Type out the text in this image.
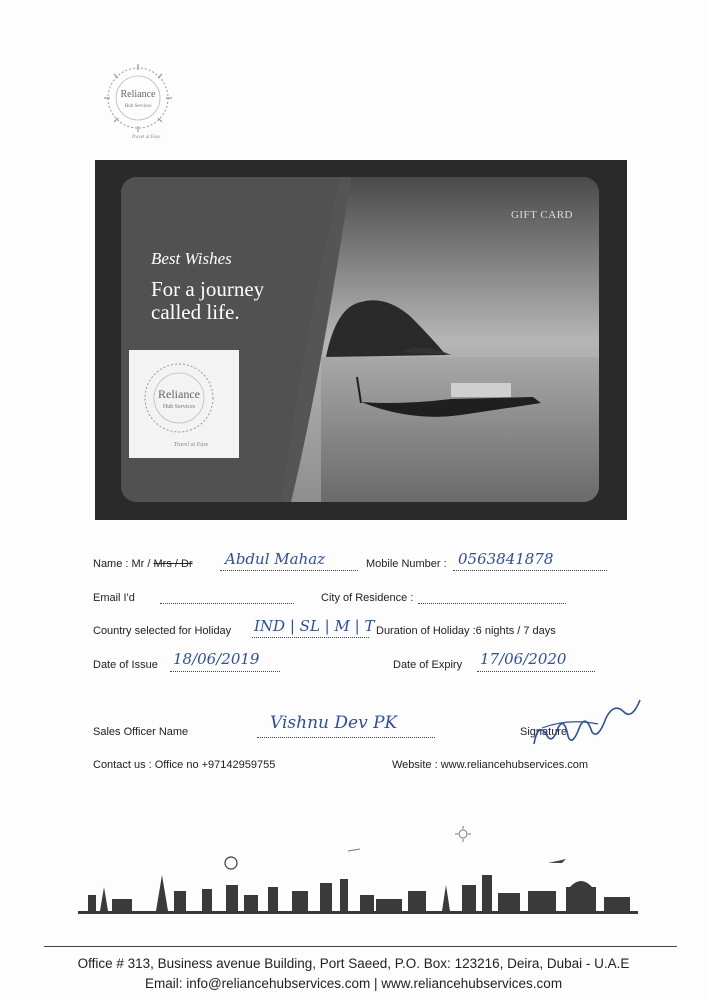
Reliance
Hub Services
Travel at Ease
GIFT CARD
Best Wishes
For a journey
called life.
Reliance
Hub Services
Travel at Ease
Name : Mr / Mrs / Dr Abdul Mahaz	Mobile Number : 0563841878
Email I'd	City of Residence :
Country selected for Holiday IND | SL | M | T Duration of Holiday :6 nights / 7 days
Date of Issue 18/06/2019	Date of Expiry 17/06/2020
Sales Officer Name	Vishnu Dev PK	Signature
Contact us : Office no +97142959755	Website : www.reliancehubservices.com
Office # 313, Business avenue Building, Port Saeed, P.O. Box: 123216, Deira, Dubai - U.A.E
Email: info@reliancehubservices.com | www.reliancehubservices.com
